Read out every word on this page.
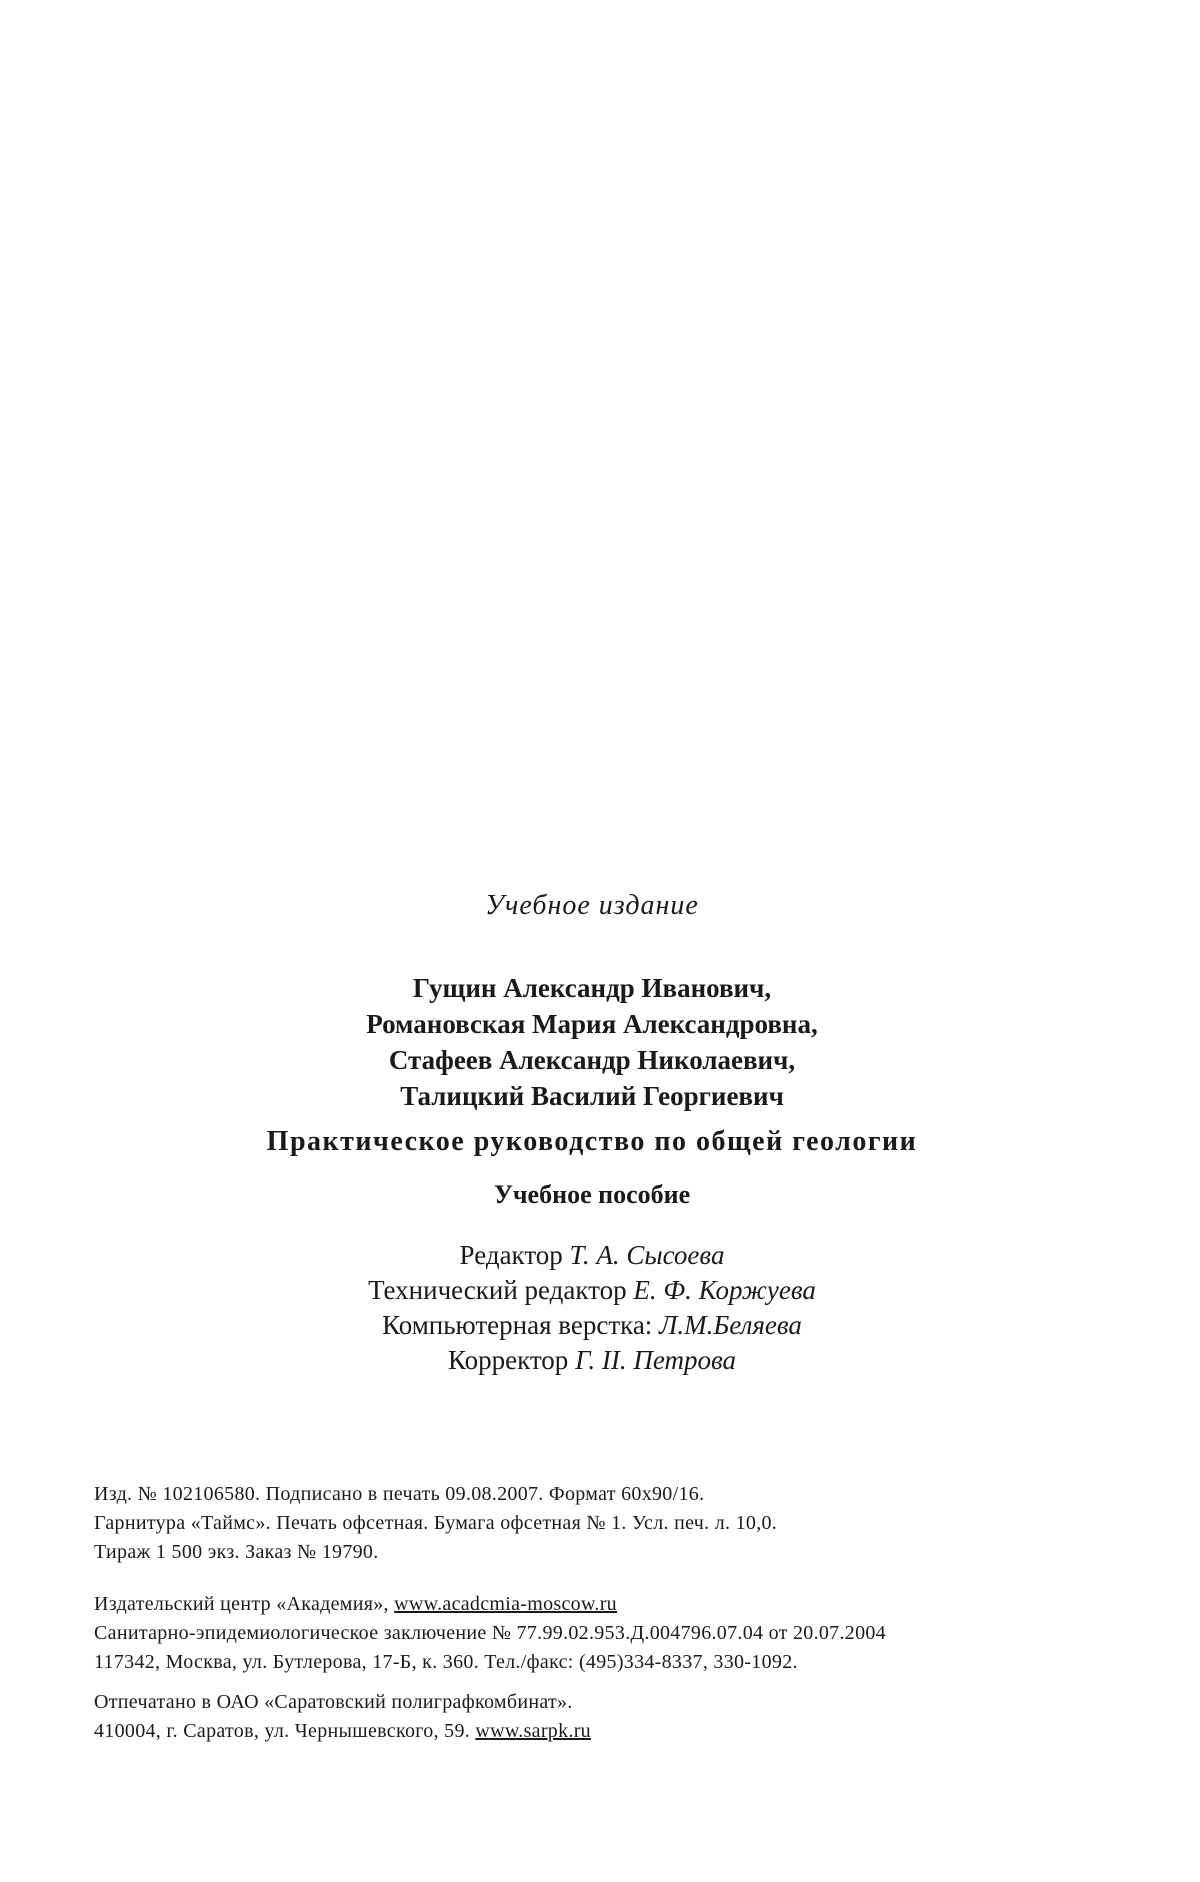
Учебное издание
Гущин Александр Иванович,
Романовская Мария Александровна,
Стафеев Александр Николаевич,
Талицкий Василий Георгиевич
Практическое руководство по общей геологии
Учебное пособие
Редактор Т. А. Сысоева
Технический редактор Е. Ф. Коржуева
Компьютерная верстка: Л.М.Беляева
Корректор Г. II. Петрова
Изд. № 102106580. Подписано в печать 09.08.2007. Формат 60x90/16.
Гарнитура «Таймс». Печать офсетная. Бумага офсетная № 1. Усл. печ. л. 10,0.
Тираж 1 500 экз. Заказ № 19790.
Издательский центр «Академия», www.acadcmia-moscow.ru
Санитарно-эпидемиологическое заключение № 77.99.02.953.Д.004796.07.04 от 20.07.2004
117342, Москва, ул. Бутлерова, 17-Б, к. 360. Тел./факс: (495)334-8337, 330-1092.
Отпечатано в ОАО «Саратовский полиграфкомбинат».
410004, г. Саратов, ул. Чернышевского, 59. www.sarpk.ru
